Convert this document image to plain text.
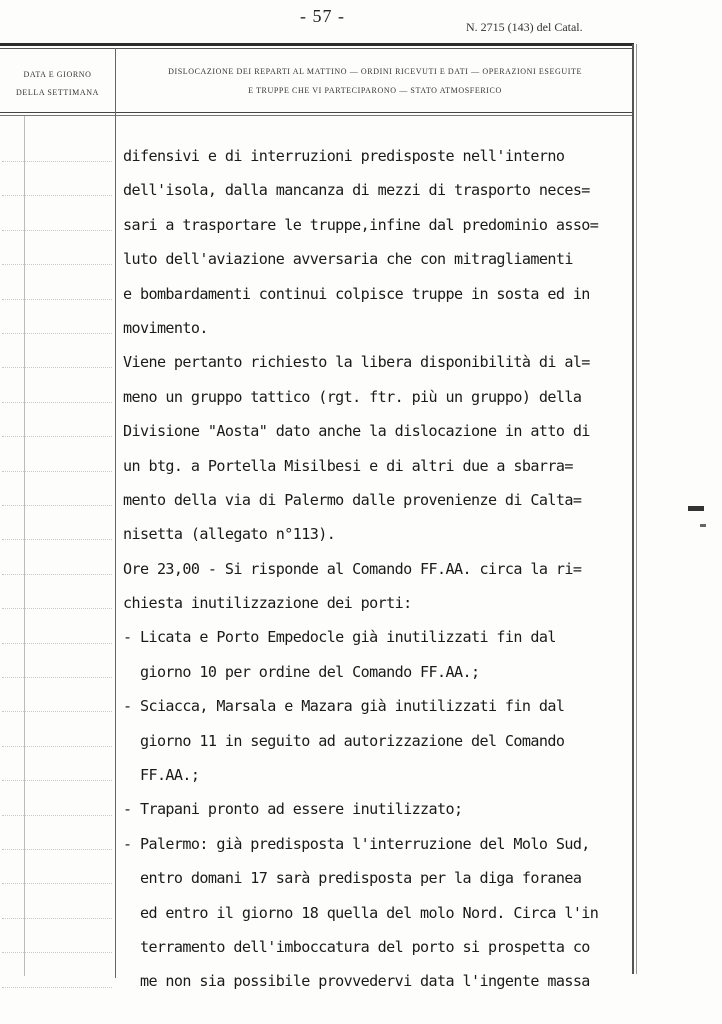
- 57 -
N. 2715 (143) del Catal.
DATA E GIORNO
DELLA SETTIMANA
DISLOCAZIONE DEI REPARTI AL MATTINO — ORDINI RICEVUTI E DATI — OPERAZIONI ESEGUITE
E TRUPPE CHE VI PARTECIPARONO — STATO ATMOSFERICO
difensivi e di interruzioni predisposte nell'interno
dell'isola, dalla mancanza di mezzi di trasporto neces=
sari a trasportare le truppe,infine dal predominio asso=
luto dell'aviazione avversaria che con mitragliamenti
e bombardamenti continui colpisce truppe in sosta ed in
movimento.
Viene pertanto richiesto la libera disponibilità di al=
meno un gruppo tattico (rgt. ftr. più un gruppo) della
Divisione "Aosta" dato anche la dislocazione in atto di
un btg. a Portella Misilbesi e di altri due a sbarra=
mento della via di Palermo dalle provenienze di Calta=
nisetta (allegato n°113).
Ore 23,00 - Si risponde al Comando FF.AA. circa la ri=
chiesta inutilizzazione dei porti:
- Licata e Porto Empedocle già inutilizzati fin dal
giorno 10 per ordine del Comando FF.AA.;
- Sciacca, Marsala e Mazara già inutilizzati fin dal
giorno 11 in seguito ad autorizzazione del Comando
FF.AA.;
- Trapani pronto ad essere inutilizzato;
- Palermo: già predisposta l'interruzione del Molo Sud,
entro domani 17 sarà predisposta per la diga foranea
ed entro il giorno 18 quella del molo Nord. Circa l'in
terramento dell'imboccatura del porto si prospetta co
me non sia possibile provvedervi data l'ingente massa
